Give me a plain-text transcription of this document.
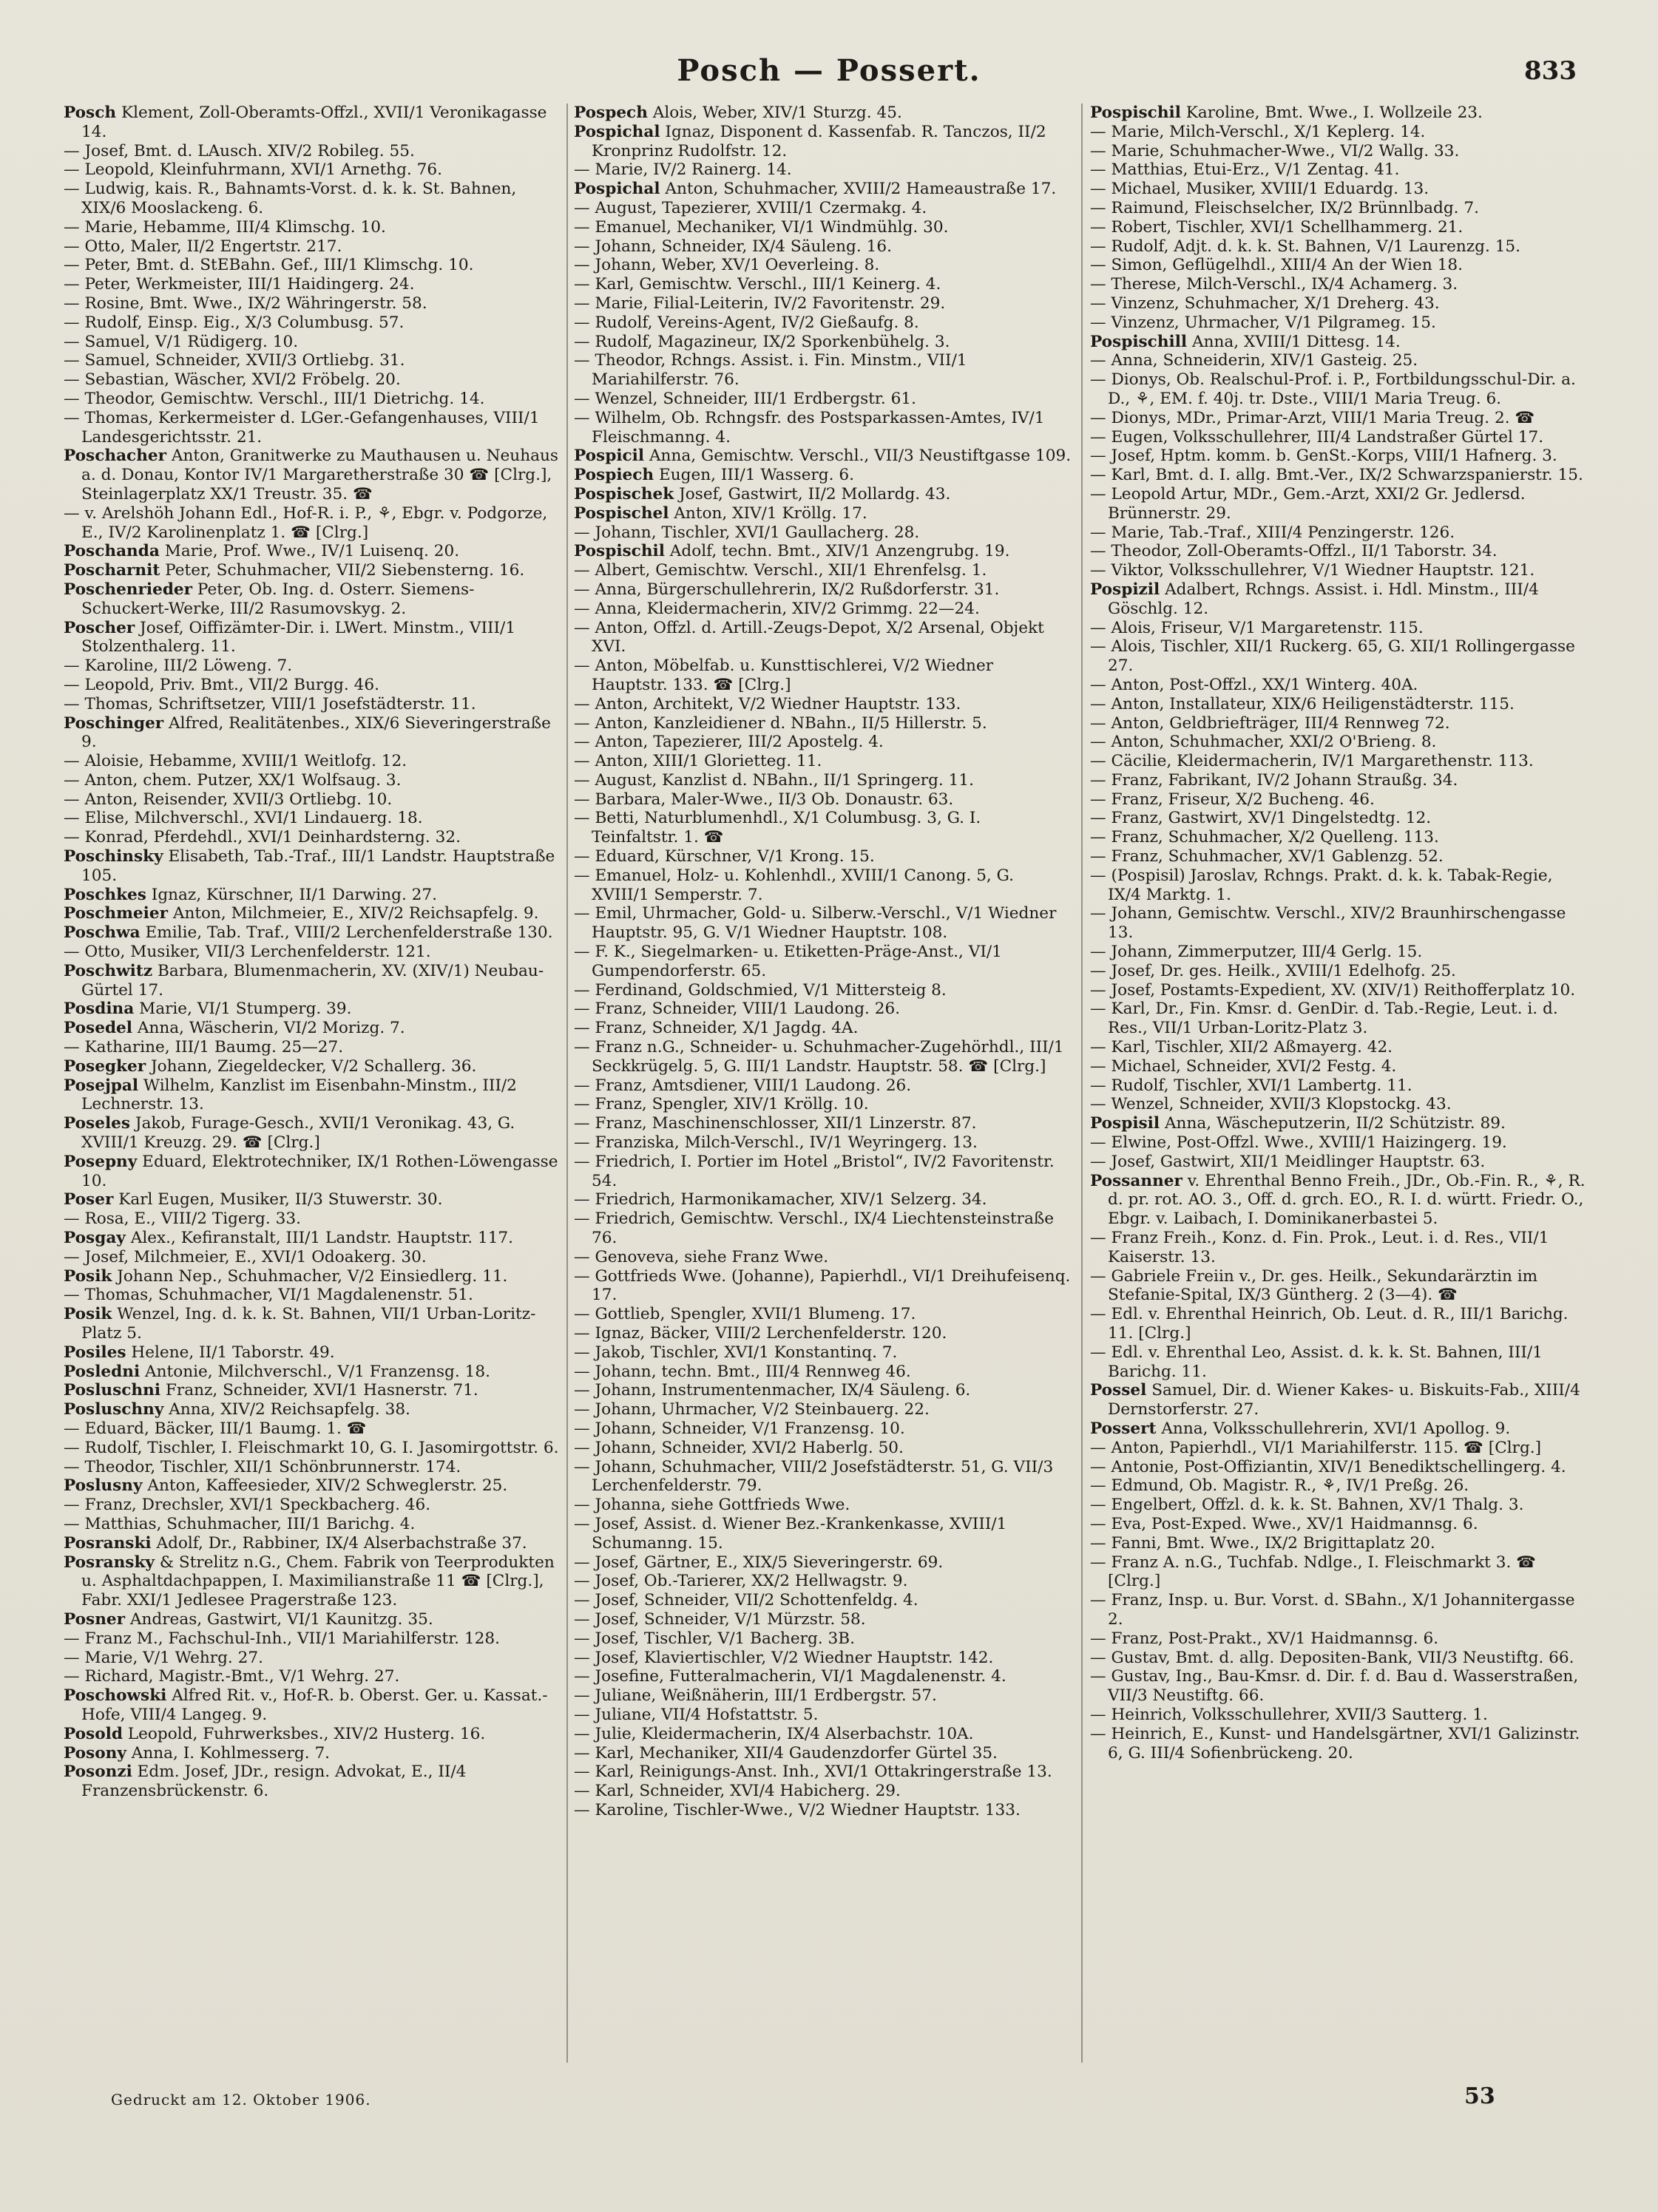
Posch — Possert.	833
Posch Klement, Zoll-Oberamts-Offzl., XVII/1 Veronikagasse 14.
— Josef, Bmt. d. LAusch. XIV/2 Robileg. 55.
— Leopold, Kleinfuhrmann, XVI/1 Arnethg. 76.
— Ludwig, kais. R., Bahnamts-Vorst. d. k. k. St. Bahnen, XIX/6 Mooslackeng. 6.
— Marie, Hebamme, III/4 Klimschg. 10.
— Otto, Maler, II/2 Engertstr. 217.
— Peter, Bmt. d. StEBahn. Gef., III/1 Klimschg. 10.
— Peter, Werkmeister, III/1 Haidingerg. 24.
— Rosine, Bmt. Wwe., IX/2 Währingerstr. 58.
— Rudolf, Einsp. Eig., X/3 Columbusg. 57.
— Samuel, V/1 Rüdigerg. 10.
— Samuel, Schneider, XVII/3 Ortliebg. 31.
— Sebastian, Wäscher, XVI/2 Fröbelg. 20.
— Theodor, Gemischtw. Verschl., III/1 Dietrichg. 14.
— Thomas, Kerkermeister d. LGer.-Gefangenhauses, VIII/1 Landesgerichtsstr. 21.
Poschacher Anton, Granitwerke zu Mauthausen u. Neuhaus a. d. Donau, Kontor IV/1 Margaretherstraße 30 ☎ [Clrg.], Steinlagerplatz XX/1 Treustr. 35. ☎
— v. Arelshöh Johann Edl., Hof-R. i. P., ⚘, Ebgr. v. Podgorze, E., IV/2 Karolinenplatz 1. ☎ [Clrg.]
Poschanda Marie, Prof. Wwe., IV/1 Luisenq. 20.
Poscharnit Peter, Schuhmacher, VII/2 Siebensterng. 16.
Poschenrieder Peter, Ob. Ing. d. Osterr. Siemens-Schuckert-Werke, III/2 Rasumovskyg. 2.
Poscher Josef, Oiffizämter-Dir. i. LWert. Minstm., VIII/1 Stolzenthalerg. 11.
— Karoline, III/2 Löweng. 7.
— Leopold, Priv. Bmt., VII/2 Burgg. 46.
— Thomas, Schriftsetzer, VIII/1 Josefstädterstr. 11.
Poschinger Alfred, Realitätenbes., XIX/6 Sieveringerstraße 9.
— Aloisie, Hebamme, XVIII/1 Weitlofg. 12.
— Anton, chem. Putzer, XX/1 Wolfsaug. 3.
— Anton, Reisender, XVII/3 Ortliebg. 10.
— Elise, Milchverschl., XVI/1 Lindauerg. 18.
— Konrad, Pferdehdl., XVI/1 Deinhardsterng. 32.
Poschinsky Elisabeth, Tab.-Traf., III/1 Landstr. Hauptstraße 105.
Poschkes Ignaz, Kürschner, II/1 Darwing. 27.
Poschmeier Anton, Milchmeier, E., XIV/2 Reichsapfelg. 9.
Poschwa Emilie, Tab. Traf., VIII/2 Lerchenfelderstraße 130.
— Otto, Musiker, VII/3 Lerchenfelderstr. 121.
Poschwitz Barbara, Blumenmacherin, XV. (XIV/1) Neubau-Gürtel 17.
Posdina Marie, VI/1 Stumperg. 39.
Posedel Anna, Wäscherin, VI/2 Morizg. 7.
— Katharine, III/1 Baumg. 25—27.
Posegker Johann, Ziegeldecker, V/2 Schallerg. 36.
Posejpal Wilhelm, Kanzlist im Eisenbahn-Minstm., III/2 Lechnerstr. 13.
Poseles Jakob, Furage-Gesch., XVII/1 Veronikag. 43, G. XVIII/1 Kreuzg. 29. ☎ [Clrg.]
Posepny Eduard, Elektrotechniker, IX/1 Rothen-Löwengasse 10.
Poser Karl Eugen, Musiker, II/3 Stuwerstr. 30.
— Rosa, E., VIII/2 Tigerg. 33.
Posgay Alex., Kefiranstalt, III/1 Landstr. Hauptstr. 117.
— Josef, Milchmeier, E., XVI/1 Odoakerg. 30.
Posik Johann Nep., Schuhmacher, V/2 Einsiedlerg. 11.
— Thomas, Schuhmacher, VI/1 Magdalenenstr. 51.
Posik Wenzel, Ing. d. k. k. St. Bahnen, VII/1 Urban-Loritz-Platz 5.
Posiles Helene, II/1 Taborstr. 49.
Posledni Antonie, Milchverschl., V/1 Franzensg. 18.
Posluschni Franz, Schneider, XVI/1 Hasnerstr. 71.
Posluschny Anna, XIV/2 Reichsapfelg. 38.
— Eduard, Bäcker, III/1 Baumg. 1. ☎
— Rudolf, Tischler, I. Fleischmarkt 10, G. I. Jasomirgottstr. 6.
— Theodor, Tischler, XII/1 Schönbrunnerstr. 174.
Poslusny Anton, Kaffeesieder, XIV/2 Schweglerstr. 25.
— Franz, Drechsler, XVI/1 Speckbacherg. 46.
— Matthias, Schuhmacher, III/1 Barichg. 4.
Posranski Adolf, Dr., Rabbiner, IX/4 Alserbachstraße 37.
Posransky & Strelitz n.G., Chem. Fabrik von Teerprodukten u. Asphaltdachpappen, I. Maximilianstraße 11 ☎ [Clrg.], Fabr. XXI/1 Jedlesee Pragerstraße 123.
Posner Andreas, Gastwirt, VI/1 Kaunitzg. 35.
— Franz M., Fachschul-Inh., VII/1 Mariahilferstr. 128.
— Marie, V/1 Wehrg. 27.
— Richard, Magistr.-Bmt., V/1 Wehrg. 27.
Poschowski Alfred Rit. v., Hof-R. b. Oberst. Ger. u. Kassat.-Hofe, VIII/4 Langeg. 9.
Posold Leopold, Fuhrwerksbes., XIV/2 Husterg. 16.
Posony Anna, I. Kohlmesserg. 7.
Posonzi Edm. Josef, JDr., resign. Advokat, E., II/4 Franzensbrückenstr. 6.
Pospech Alois, Weber, XIV/1 Sturzg. 45.
Pospichal Ignaz, Disponent d. Kassenfab. R. Tanczos, II/2 Kronprinz Rudolfstr. 12.
— Marie, IV/2 Rainerg. 14.
Pospichal Anton, Schuhmacher, XVIII/2 Hameaustraße 17.
— August, Tapezierer, XVIII/1 Czermakg. 4.
— Emanuel, Mechaniker, VI/1 Windmühlg. 30.
— Johann, Schneider, IX/4 Säuleng. 16.
— Johann, Weber, XV/1 Oeverleing. 8.
— Karl, Gemischtw. Verschl., III/1 Keinerg. 4.
— Marie, Filial-Leiterin, IV/2 Favoritenstr. 29.
— Rudolf, Vereins-Agent, IV/2 Gießaufg. 8.
— Rudolf, Magazineur, IX/2 Sporkenbühelg. 3.
— Theodor, Rchngs. Assist. i. Fin. Minstm., VII/1 Mariahilferstr. 76.
— Wenzel, Schneider, III/1 Erdbergstr. 61.
— Wilhelm, Ob. Rchngsfr. des Postsparkassen-Amtes, IV/1 Fleischmanng. 4.
Pospicil Anna, Gemischtw. Verschl., VII/3 Neustiftgasse 109.
Pospiech Eugen, III/1 Wasserg. 6.
Pospischek Josef, Gastwirt, II/2 Mollardg. 43.
Pospischel Anton, XIV/1 Kröllg. 17.
— Johann, Tischler, XVI/1 Gaullacherg. 28.
Pospischil Adolf, techn. Bmt., XIV/1 Anzengrubg. 19.
— Albert, Gemischtw. Verschl., XII/1 Ehrenfelsg. 1.
— Anna, Bürgerschullehrerin, IX/2 Rußdorferstr. 31.
— Anna, Kleidermacherin, XIV/2 Grimmg. 22—24.
— Anton, Offzl. d. Artill.-Zeugs-Depot, X/2 Arsenal, Objekt XVI.
— Anton, Möbelfab. u. Kunsttischlerei, V/2 Wiedner Hauptstr. 133. ☎ [Clrg.]
— Anton, Architekt, V/2 Wiedner Hauptstr. 133.
— Anton, Kanzleidiener d. NBahn., II/5 Hillerstr. 5.
— Anton, Tapezierer, III/2 Apostelg. 4.
— Anton, XIII/1 Glorietteg. 11.
— August, Kanzlist d. NBahn., II/1 Springerg. 11.
— Barbara, Maler-Wwe., II/3 Ob. Donaustr. 63.
— Betti, Naturblumenhdl., X/1 Columbusg. 3, G. I. Teinfaltstr. 1. ☎
— Eduard, Kürschner, V/1 Krong. 15.
— Emanuel, Holz- u. Kohlenhdl., XVIII/1 Canong. 5, G. XVIII/1 Semperstr. 7.
— Emil, Uhrmacher, Gold- u. Silberw.-Verschl., V/1 Wiedner Hauptstr. 95, G. V/1 Wiedner Hauptstr. 108.
— F. K., Siegelmarken- u. Etiketten-Präge-Anst., VI/1 Gumpendorferstr. 65.
— Ferdinand, Goldschmied, V/1 Mittersteig 8.
— Franz, Schneider, VIII/1 Laudong. 26.
— Franz, Schneider, X/1 Jagdg. 4A.
— Franz n.G., Schneider- u. Schuhmacher-Zugehörhdl., III/1 Seckkrügelg. 5, G. III/1 Landstr. Hauptstr. 58. ☎ [Clrg.]
— Franz, Amtsdiener, VIII/1 Laudong. 26.
— Franz, Spengler, XIV/1 Kröllg. 10.
— Franz, Maschinenschlosser, XII/1 Linzerstr. 87.
— Franziska, Milch-Verschl., IV/1 Weyringerg. 13.
— Friedrich, I. Portier im Hotel „Bristol“, IV/2 Favoritenstr. 54.
— Friedrich, Harmonikamacher, XIV/1 Selzerg. 34.
— Friedrich, Gemischtw. Verschl., IX/4 Liechtensteinstraße 76.
— Genoveva, siehe Franz Wwe.
— Gottfrieds Wwe. (Johanne), Papierhdl., VI/1 Dreihufeisenq. 17.
— Gottlieb, Spengler, XVII/1 Blumeng. 17.
— Ignaz, Bäcker, VIII/2 Lerchenfelderstr. 120.
— Jakob, Tischler, XVI/1 Konstantinq. 7.
— Johann, techn. Bmt., III/4 Rennweg 46.
— Johann, Instrumentenmacher, IX/4 Säuleng. 6.
— Johann, Uhrmacher, V/2 Steinbauerg. 22.
— Johann, Schneider, V/1 Franzensg. 10.
— Johann, Schneider, XVI/2 Haberlg. 50.
— Johann, Schuhmacher, VIII/2 Josefstädterstr. 51, G. VII/3 Lerchenfelderstr. 79.
— Johanna, siehe Gottfrieds Wwe.
— Josef, Assist. d. Wiener Bez.-Krankenkasse, XVIII/1 Schumanng. 15.
— Josef, Gärtner, E., XIX/5 Sieveringerstr. 69.
— Josef, Ob.-Tarierer, XX/2 Hellwagstr. 9.
— Josef, Schneider, VII/2 Schottenfeldg. 4.
— Josef, Schneider, V/1 Mürzstr. 58.
— Josef, Tischler, V/1 Bacherg. 3B.
— Josef, Klaviertischler, V/2 Wiedner Hauptstr. 142.
— Josefine, Futteralmacherin, VI/1 Magdalenenstr. 4.
— Juliane, Weißnäherin, III/1 Erdbergstr. 57.
— Juliane, VII/4 Hofstattstr. 5.
— Julie, Kleidermacherin, IX/4 Alserbachstr. 10A.
— Karl, Mechaniker, XII/4 Gaudenzdorfer Gürtel 35.
— Karl, Reinigungs-Anst. Inh., XVI/1 Ottakringerstraße 13.
— Karl, Schneider, XVI/4 Habicherg. 29.
— Karoline, Tischler-Wwe., V/2 Wiedner Hauptstr. 133.
Pospischil Karoline, Bmt. Wwe., I. Wollzeile 23.
— Marie, Milch-Verschl., X/1 Keplerg. 14.
— Marie, Schuhmacher-Wwe., VI/2 Wallg. 33.
— Matthias, Etui-Erz., V/1 Zentag. 41.
— Michael, Musiker, XVIII/1 Eduardg. 13.
— Raimund, Fleischselcher, IX/2 Brünnlbadg. 7.
— Robert, Tischler, XVI/1 Schellhammerg. 21.
— Rudolf, Adjt. d. k. k. St. Bahnen, V/1 Laurenzg. 15.
— Simon, Geflügelhdl., XIII/4 An der Wien 18.
— Therese, Milch-Verschl., IX/4 Achamerg. 3.
— Vinzenz, Schuhmacher, X/1 Dreherg. 43.
— Vinzenz, Uhrmacher, V/1 Pilgrameg. 15.
Pospischill Anna, XVIII/1 Dittesg. 14.
— Anna, Schneiderin, XIV/1 Gasteig. 25.
— Dionys, Ob. Realschul-Prof. i. P., Fortbildungsschul-Dir. a. D., ⚘, EM. f. 40j. tr. Dste., VIII/1 Maria Treug. 6.
— Dionys, MDr., Primar-Arzt, VIII/1 Maria Treug. 2. ☎
— Eugen, Volksschullehrer, III/4 Landstraßer Gürtel 17.
— Josef, Hptm. komm. b. GenSt.-Korps, VIII/1 Hafnerg. 3.
— Karl, Bmt. d. I. allg. Bmt.-Ver., IX/2 Schwarzspanierstr. 15.
— Leopold Artur, MDr., Gem.-Arzt, XXI/2 Gr. Jedlersd. Brünnerstr. 29.
— Marie, Tab.-Traf., XIII/4 Penzingerstr. 126.
— Theodor, Zoll-Oberamts-Offzl., II/1 Taborstr. 34.
— Viktor, Volksschullehrer, V/1 Wiedner Hauptstr. 121.
Pospizil Adalbert, Rchngs. Assist. i. Hdl. Minstm., III/4 Göschlg. 12.
— Alois, Friseur, V/1 Margaretenstr. 115.
— Alois, Tischler, XII/1 Ruckerg. 65, G. XII/1 Rollingergasse 27.
— Anton, Post-Offzl., XX/1 Winterg. 40A.
— Anton, Installateur, XIX/6 Heiligenstädterstr. 115.
— Anton, Geldbriefträger, III/4 Rennweg 72.
— Anton, Schuhmacher, XXI/2 O'Brieng. 8.
— Cäcilie, Kleidermacherin, IV/1 Margarethenstr. 113.
— Franz, Fabrikant, IV/2 Johann Straußg. 34.
— Franz, Friseur, X/2 Bucheng. 46.
— Franz, Gastwirt, XV/1 Dingelstedtg. 12.
— Franz, Schuhmacher, X/2 Quelleng. 113.
— Franz, Schuhmacher, XV/1 Gablenzg. 52.
— (Pospisil) Jaroslav, Rchngs. Prakt. d. k. k. Tabak-Regie, IX/4 Marktg. 1.
— Johann, Gemischtw. Verschl., XIV/2 Braunhirschengasse 13.
— Johann, Zimmerputzer, III/4 Gerlg. 15.
— Josef, Dr. ges. Heilk., XVIII/1 Edelhofg. 25.
— Josef, Postamts-Expedient, XV. (XIV/1) Reithofferplatz 10.
— Karl, Dr., Fin. Kmsr. d. GenDir. d. Tab.-Regie, Leut. i. d. Res., VII/1 Urban-Loritz-Platz 3.
— Karl, Tischler, XII/2 Aßmayerg. 42.
— Michael, Schneider, XVI/2 Festg. 4.
— Rudolf, Tischler, XVI/1 Lambertg. 11.
— Wenzel, Schneider, XVII/3 Klopstockg. 43.
Pospisil Anna, Wäscheputzerin, II/2 Schützistr. 89.
— Elwine, Post-Offzl. Wwe., XVIII/1 Haizingerg. 19.
— Josef, Gastwirt, XII/1 Meidlinger Hauptstr. 63.
Possanner v. Ehrenthal Benno Freih., JDr., Ob.-Fin. R., ⚘, R. d. pr. rot. AO. 3., Off. d. grch. EO., R. I. d. württ. Friedr. O., Ebgr. v. Laibach, I. Dominikanerbastei 5.
— Franz Freih., Konz. d. Fin. Prok., Leut. i. d. Res., VII/1 Kaiserstr. 13.
— Gabriele Freiin v., Dr. ges. Heilk., Sekundarärztin im Stefanie-Spital, IX/3 Güntherg. 2 (3—4). ☎
— Edl. v. Ehrenthal Heinrich, Ob. Leut. d. R., III/1 Barichg. 11. [Clrg.]
— Edl. v. Ehrenthal Leo, Assist. d. k. k. St. Bahnen, III/1 Barichg. 11.
Possel Samuel, Dir. d. Wiener Kakes- u. Biskuits-Fab., XIII/4 Dernstorferstr. 27.
Possert Anna, Volksschullehrerin, XVI/1 Apollog. 9.
— Anton, Papierhdl., VI/1 Mariahilferstr. 115. ☎ [Clrg.]
— Antonie, Post-Offiziantin, XIV/1 Benediktschellingerg. 4.
— Edmund, Ob. Magistr. R., ⚘, IV/1 Preßg. 26.
— Engelbert, Offzl. d. k. k. St. Bahnen, XV/1 Thalg. 3.
— Eva, Post-Exped. Wwe., XV/1 Haidmannsg. 6.
— Fanni, Bmt. Wwe., IX/2 Brigittaplatz 20.
— Franz A. n.G., Tuchfab. Ndlge., I. Fleischmarkt 3. ☎ [Clrg.]
— Franz, Insp. u. Bur. Vorst. d. SBahn., X/1 Johannitergasse 2.
— Franz, Post-Prakt., XV/1 Haidmannsg. 6.
— Gustav, Bmt. d. allg. Depositen-Bank, VII/3 Neustiftg. 66.
— Gustav, Ing., Bau-Kmsr. d. Dir. f. d. Bau d. Wasserstraßen, VII/3 Neustiftg. 66.
— Heinrich, Volksschullehrer, XVII/3 Sautterg. 1.
— Heinrich, E., Kunst- und Handelsgärtner, XVI/1 Galizinstr. 6, G. III/4 Sofienbrückeng. 20.
Gedruckt am 12. Oktober 1906.	53
